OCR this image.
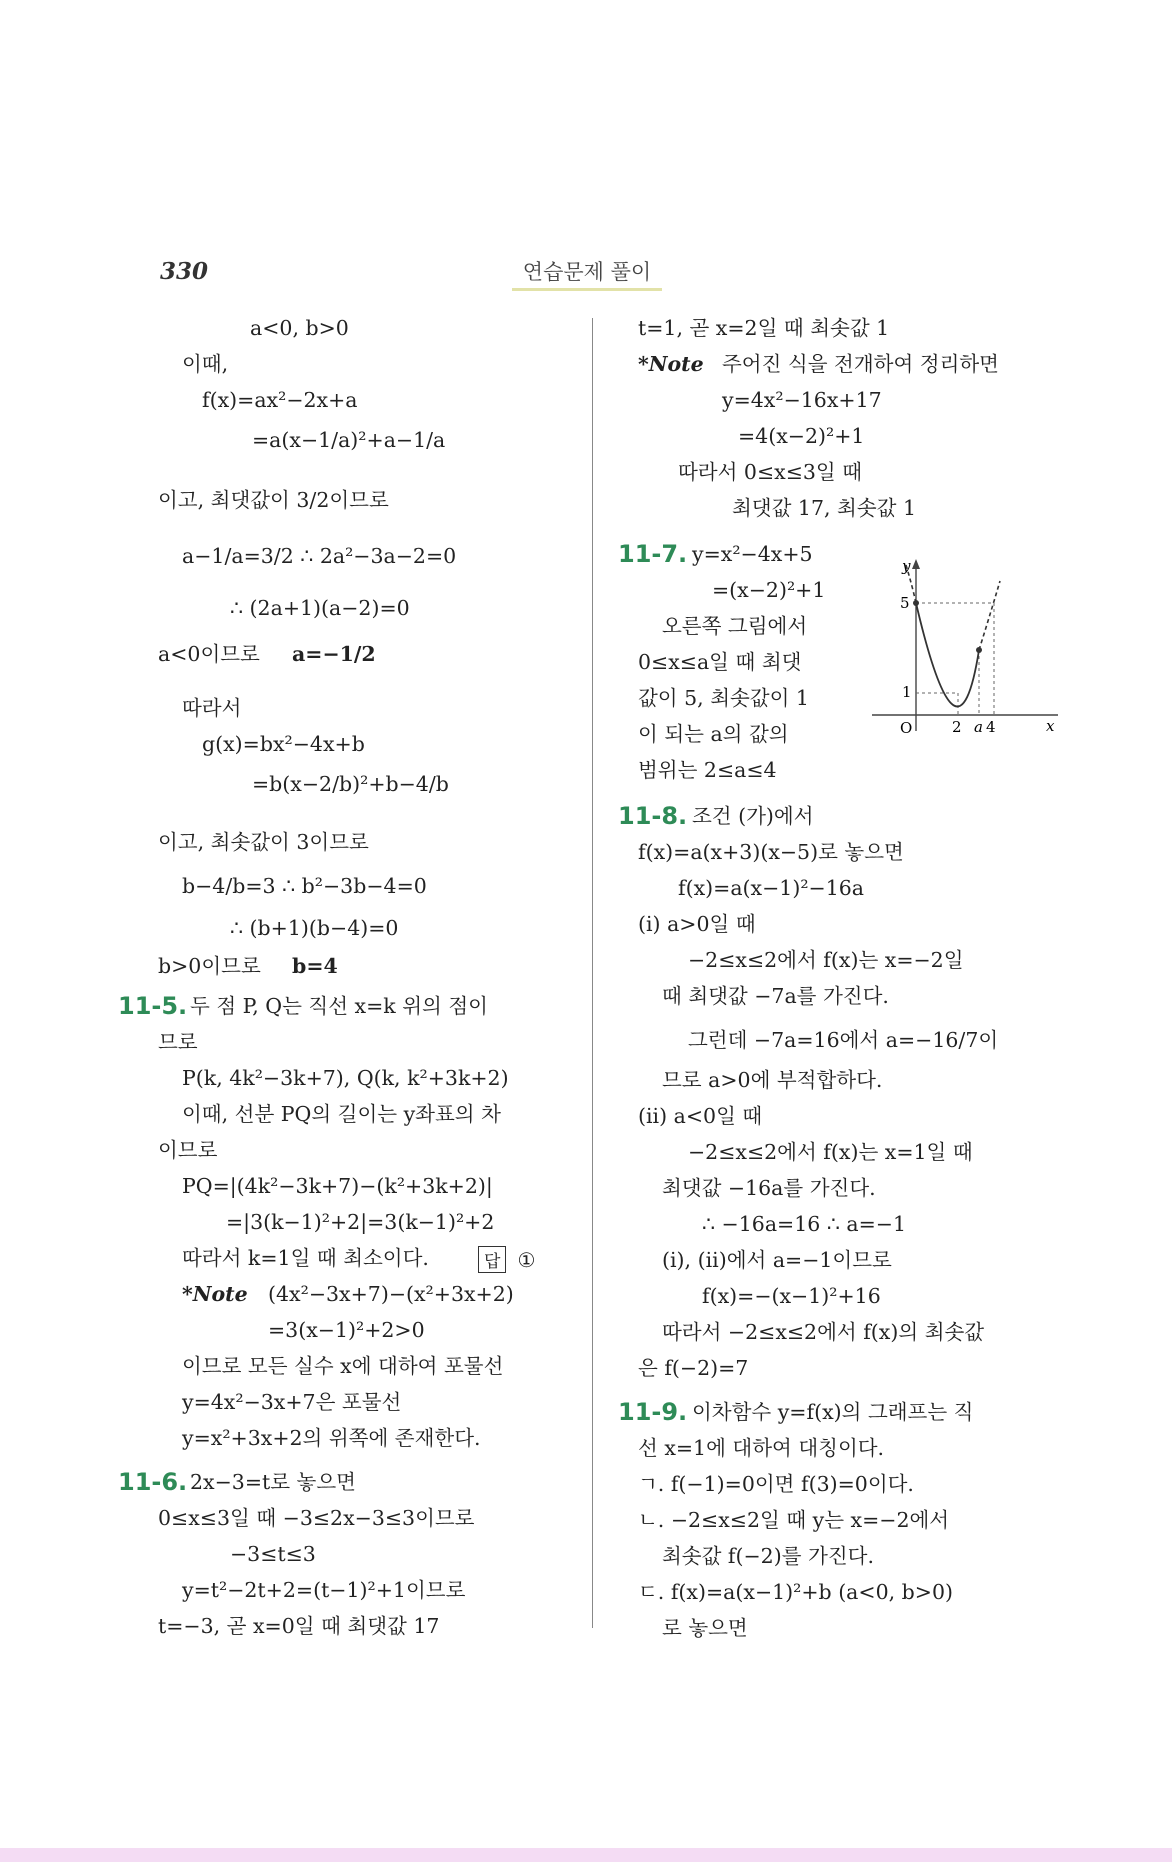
330	연습문제 풀이
a<0, b>0
이때,
f(x)=ax²−2x+a
=a(x−1/a)²+a−1/a
이고, 최댓값이 3/2이므로
a−1/a=3/2 ∴ 2a²−3a−2=0
∴ (2a+1)(a−2)=0
a<0이므로 a=−1/2
따라서
g(x)=bx²−4x+b
=b(x−2/b)²+b−4/b
이고, 최솟값이 3이므로
b−4/b=3 ∴ b²−3b−4=0
∴ (b+1)(b−4)=0
b>0이므로 b=4
11-5. 두 점 P, Q는 직선 x=k 위의 점이
므로
P(k, 4k²−3k+7), Q(k, k²+3k+2)
이때, 선분 PQ의 길이는 y좌표의 차
이므로
PQ=|(4k²−3k+7)−(k²+3k+2)|
=|3(k−1)²+2|=3(k−1)²+2
따라서 k=1일 때 최소이다.
*Note (4x²−3x+7)−(x²+3x+2)
=3(x−1)²+2>0
이므로 모든 실수 x에 대하여 포물선
y=4x²−3x+7은 포물선
y=x²+3x+2의 위쪽에 존재한다.
11-6. 2x−3=t로 놓으면
0≤x≤3일 때 −3≤2x−3≤3이므로
−3≤t≤3
y=t²−2t+2=(t−1)²+1이므로
t=−3, 곧 x=0일 때 최댓값 17
t=1, 곧 x=2일 때 최솟값 1
*Note 주어진 식을 전개하여 정리하면
y=4x²−16x+17
=4(x−2)²+1
따라서 0≤x≤3일 때
최댓값 17, 최솟값 1
11-7. y=x²−4x+5
=(x−2)²+1
오른쪽 그림에서
0≤x≤a일 때 최댓
값이 5, 최솟값이 1
이 되는 a의 값의
범위는 2≤a≤4
11-8. 조건 (가)에서
f(x)=a(x+3)(x−5)로 놓으면
f(x)=a(x−1)²−16a
(i) a>0일 때
−2≤x≤2에서 f(x)는 x=−2일
때 최댓값 −7a를 가진다.
그런데 −7a=16에서 a=−16/7이
므로 a>0에 부적합하다.
(ii) a<0일 때
−2≤x≤2에서 f(x)는 x=1일 때
최댓값 −16a를 가진다.
∴ −16a=16 ∴ a=−1
(i), (ii)에서 a=−1이므로
f(x)=−(x−1)²+16
따라서 −2≤x≤2에서 f(x)의 최솟값
은 f(−2)=7
11-9. 이차함수 y=f(x)의 그래프는 직
선 x=1에 대하여 대칭이다.
ㄱ. f(−1)=0이면 f(3)=0이다.
ㄴ. −2≤x≤2일 때 y는 x=−2에서
최솟값 f(−2)를 가진다.
ㄷ. f(x)=a(x−1)²+b (a<0, b>0)
로 놓으면
답 ①
y
x
O
5
1
2 a 4
